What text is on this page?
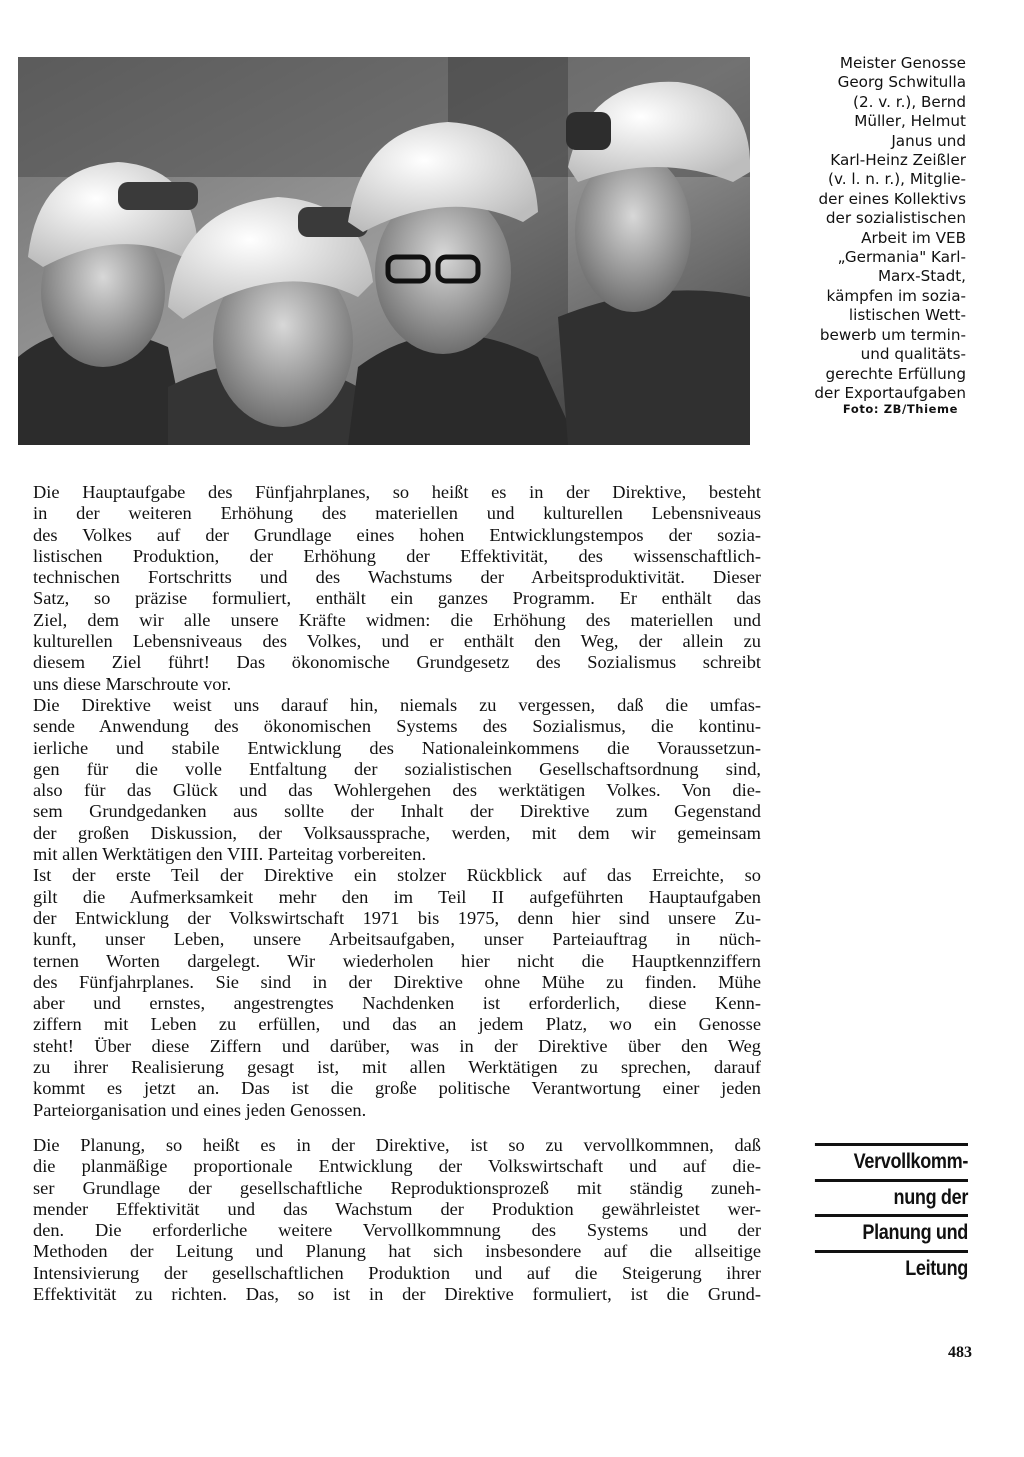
Meister Genosse
Georg Schwitulla
(2. v. r.), Bernd
Müller, Helmut
Janus und
Karl-Heinz Zeißler
(v. l. n. r.), Mitglie-
der eines Kollektivs
der sozialistischen
Arbeit im VEB
„Germania" Karl-
Marx-Stadt,
kämpfen im sozia-
listischen Wett-
bewerb um termin-
und qualitäts-
gerechte Erfüllung
der Exportaufgaben
Foto: ZB/Thieme
Die Hauptaufgabe des Fünfjahrplanes, so heißt es in der Direktive, besteht
in der weiteren Erhöhung des materiellen und kulturellen Lebensniveaus
des Volkes auf der Grundlage eines hohen Entwicklungstempos der sozia-
listischen Produktion, der Erhöhung der Effektivität, des wissenschaftlich-
technischen Fortschritts und des Wachstums der Arbeitsproduktivität. Dieser
Satz, so präzise formuliert, enthält ein ganzes Programm. Er enthält das
Ziel, dem wir alle unsere Kräfte widmen: die Erhöhung des materiellen und
kulturellen Lebensniveaus des Volkes, und er enthält den Weg, der allein zu
diesem Ziel führt! Das ökonomische Grundgesetz des Sozialismus schreibt
uns diese Marschroute vor.
Die Direktive weist uns darauf hin, niemals zu vergessen, daß die umfas-
sende Anwendung des ökonomischen Systems des Sozialismus, die kontinu-
ierliche und stabile Entwicklung des Nationaleinkommens die Voraussetzun-
gen für die volle Entfaltung der sozialistischen Gesellschaftsordnung sind,
also für das Glück und das Wohlergehen des werktätigen Volkes. Von die-
sem Grundgedanken aus sollte der Inhalt der Direktive zum Gegenstand
der großen Diskussion, der Volksaussprache, werden, mit dem wir gemeinsam
mit allen Werktätigen den VIII. Parteitag vorbereiten.
Ist der erste Teil der Direktive ein stolzer Rückblick auf das Erreichte, so
gilt die Aufmerksamkeit mehr den im Teil II aufgeführten Hauptaufgaben
der Entwicklung der Volkswirtschaft 1971 bis 1975, denn hier sind unsere Zu-
kunft, unser Leben, unsere Arbeitsaufgaben, unser Parteiauftrag in nüch-
ternen Worten dargelegt. Wir wiederholen hier nicht die Hauptkennziffern
des Fünfjahrplanes. Sie sind in der Direktive ohne Mühe zu finden. Mühe
aber und ernstes, angestrengtes Nachdenken ist erforderlich, diese Kenn-
ziffern mit Leben zu erfüllen, und das an jedem Platz, wo ein Genosse
steht! Über diese Ziffern und darüber, was in der Direktive über den Weg
zu ihrer Realisierung gesagt ist, mit allen Werktätigen zu sprechen, darauf
kommt es jetzt an. Das ist die große politische Verantwortung einer jeden
Parteiorganisation und eines jeden Genossen.
Die Planung, so heißt es in der Direktive, ist so zu vervollkommnen, daß
die planmäßige proportionale Entwicklung der Volkswirtschaft und auf die-
ser Grundlage der gesellschaftliche Reproduktionsprozeß mit ständig zuneh-
mender Effektivität und das Wachstum der Produktion gewährleistet wer-
den. Die erforderliche weitere Vervollkommnung des Systems und der
Methoden der Leitung und Planung hat sich insbesondere auf die allseitige
Intensivierung der gesellschaftlichen Produktion und auf die Steigerung ihrer
Effektivität zu richten. Das, so ist in der Direktive formuliert, ist die Grund-
Vervollkomm-
nung der
Planung und
Leitung
483
